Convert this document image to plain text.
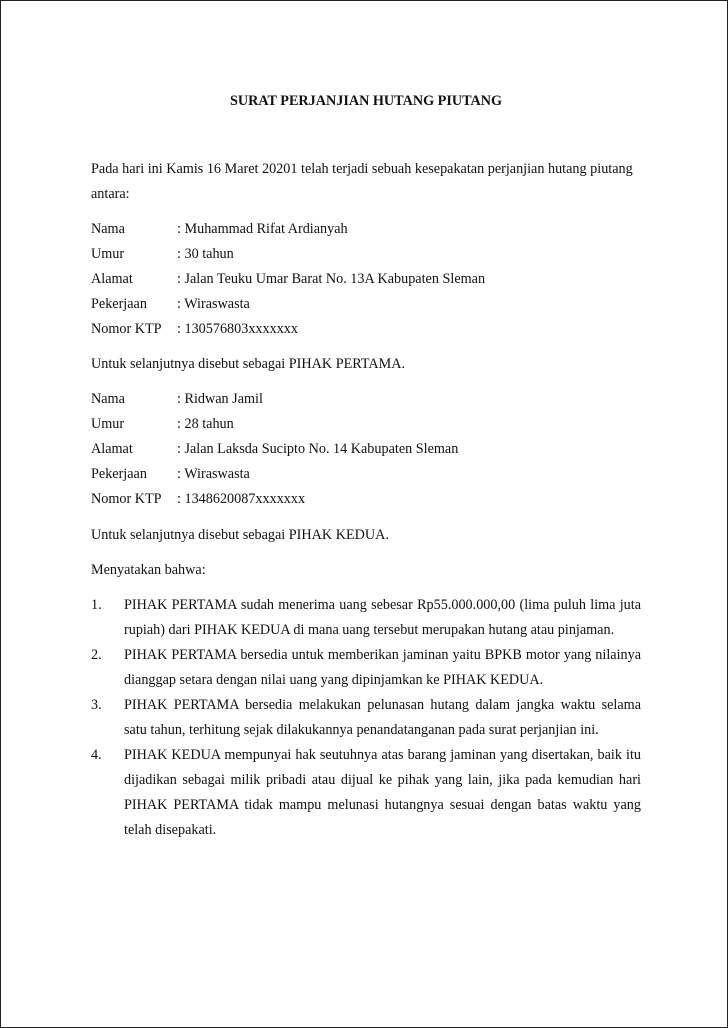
SURAT PERJANJIAN HUTANG PIUTANG
Pada hari ini Kamis 16 Maret 20201 telah terjadi sebuah kesepakatan perjanjian hutang piutang antara:
Nama	: Muhammad Rifat Ardianyah
Umur	: 30 tahun
Alamat	: Jalan Teuku Umar Barat No. 13A Kabupaten Sleman
Pekerjaan : Wiraswasta
Nomor KTP : 130576803xxxxxxx
Untuk selanjutnya disebut sebagai PIHAK PERTAMA.
Nama	: Ridwan Jamil
Umur	: 28 tahun
Alamat	: Jalan Laksda Sucipto No. 14 Kabupaten Sleman
Pekerjaan : Wiraswasta
Nomor KTP : 1348620087xxxxxxx
Untuk selanjutnya disebut sebagai PIHAK KEDUA.
Menyatakan bahwa:
1. PIHAK PERTAMA sudah menerima uang sebesar Rp55.000.000,00 (lima puluh lima juta rupiah) dari PIHAK KEDUA di mana uang tersebut merupakan hutang atau pinjaman.
2. PIHAK PERTAMA bersedia untuk memberikan jaminan yaitu BPKB motor yang nilainya dianggap setara dengan nilai uang yang dipinjamkan ke PIHAK KEDUA.
3. PIHAK PERTAMA bersedia melakukan pelunasan hutang dalam jangka waktu selama satu tahun, terhitung sejak dilakukannya penandatanganan pada surat perjanjian ini.
4. PIHAK KEDUA mempunyai hak seutuhnya atas barang jaminan yang disertakan, baik itu dijadikan sebagai milik pribadi atau dijual ke pihak yang lain, jika pada kemudian hari PIHAK PERTAMA tidak mampu melunasi hutangnya sesuai dengan batas waktu yang telah disepakati.
